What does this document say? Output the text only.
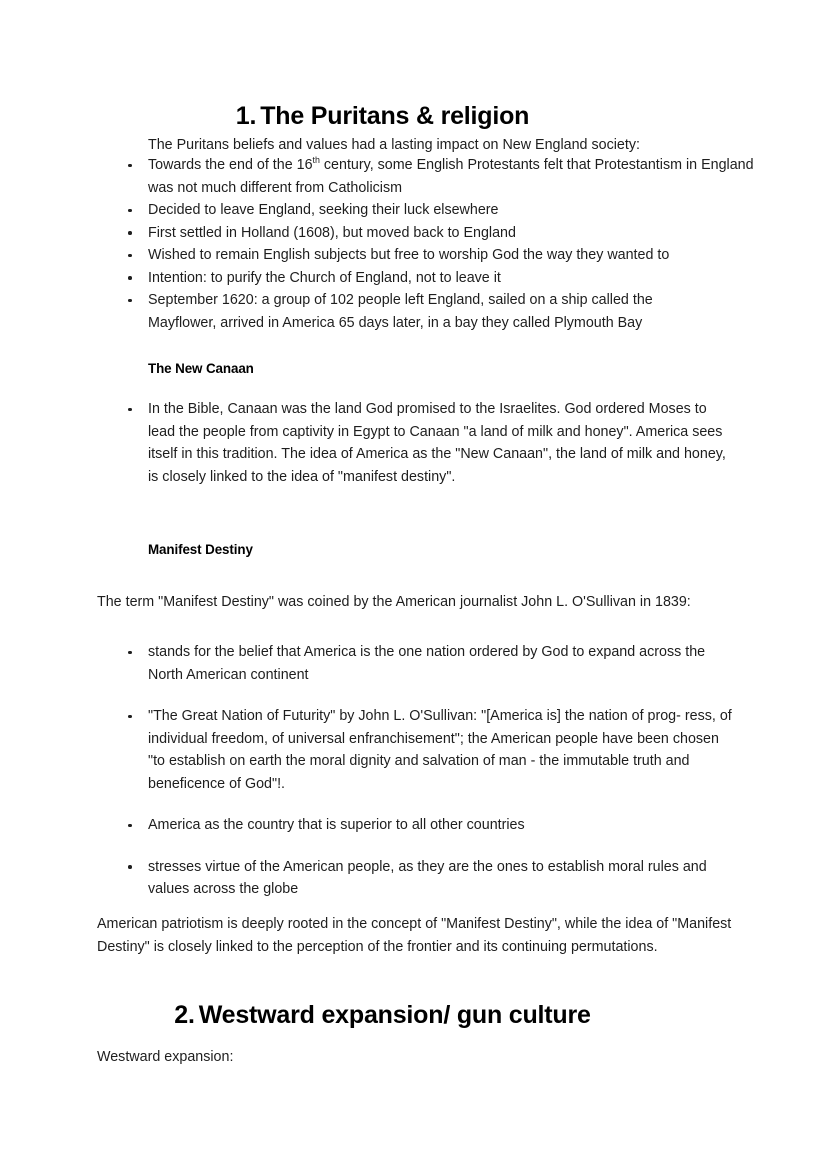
1. The Puritans & religion
The Puritans beliefs and values had a lasting impact on New England society:
Towards the end of the 16th century, some English Protestants felt that Protestantism in England was not much different from Catholicism
Decided to leave England, seeking their luck elsewhere
First settled in Holland (1608), but moved back to England
Wished to remain English subjects but free to worship God the way they wanted to
Intention: to purify the Church of England, not to leave it
September 1620: a group of 102 people left England, sailed on a ship called the Mayflower, arrived in America 65 days later, in a bay they called Plymouth Bay
The New Canaan
In the Bible, Canaan was the land God promised to the Israelites. God ordered Moses to lead the people from captivity in Egypt to Canaan "a land of milk and honey". America sees itself in this tradition. The idea of America as the "New Canaan", the land of milk and honey, is closely linked to the idea of "manifest destiny".
Manifest Destiny
The term "Manifest Destiny" was coined by the American journalist John L. O'Sullivan in 1839:
stands for the belief that America is the one nation ordered by God to expand across the North American continent
"The Great Nation of Futurity" by John L. O'Sullivan: "[America is] the nation of prog- ress, of individual freedom, of universal enfranchisement"; the American people have been chosen "to establish on earth the moral dignity and salvation of man - the immutable truth and beneficence of God"!.
America as the country that is superior to all other countries
stresses virtue of the American people, as they are the ones to establish moral rules and values across the globe
American patriotism is deeply rooted in the concept of "Manifest Destiny", while the idea of "Manifest Destiny" is closely linked to the perception of the frontier and its continuing permutations.
2. Westward expansion/ gun culture
Westward expansion:
